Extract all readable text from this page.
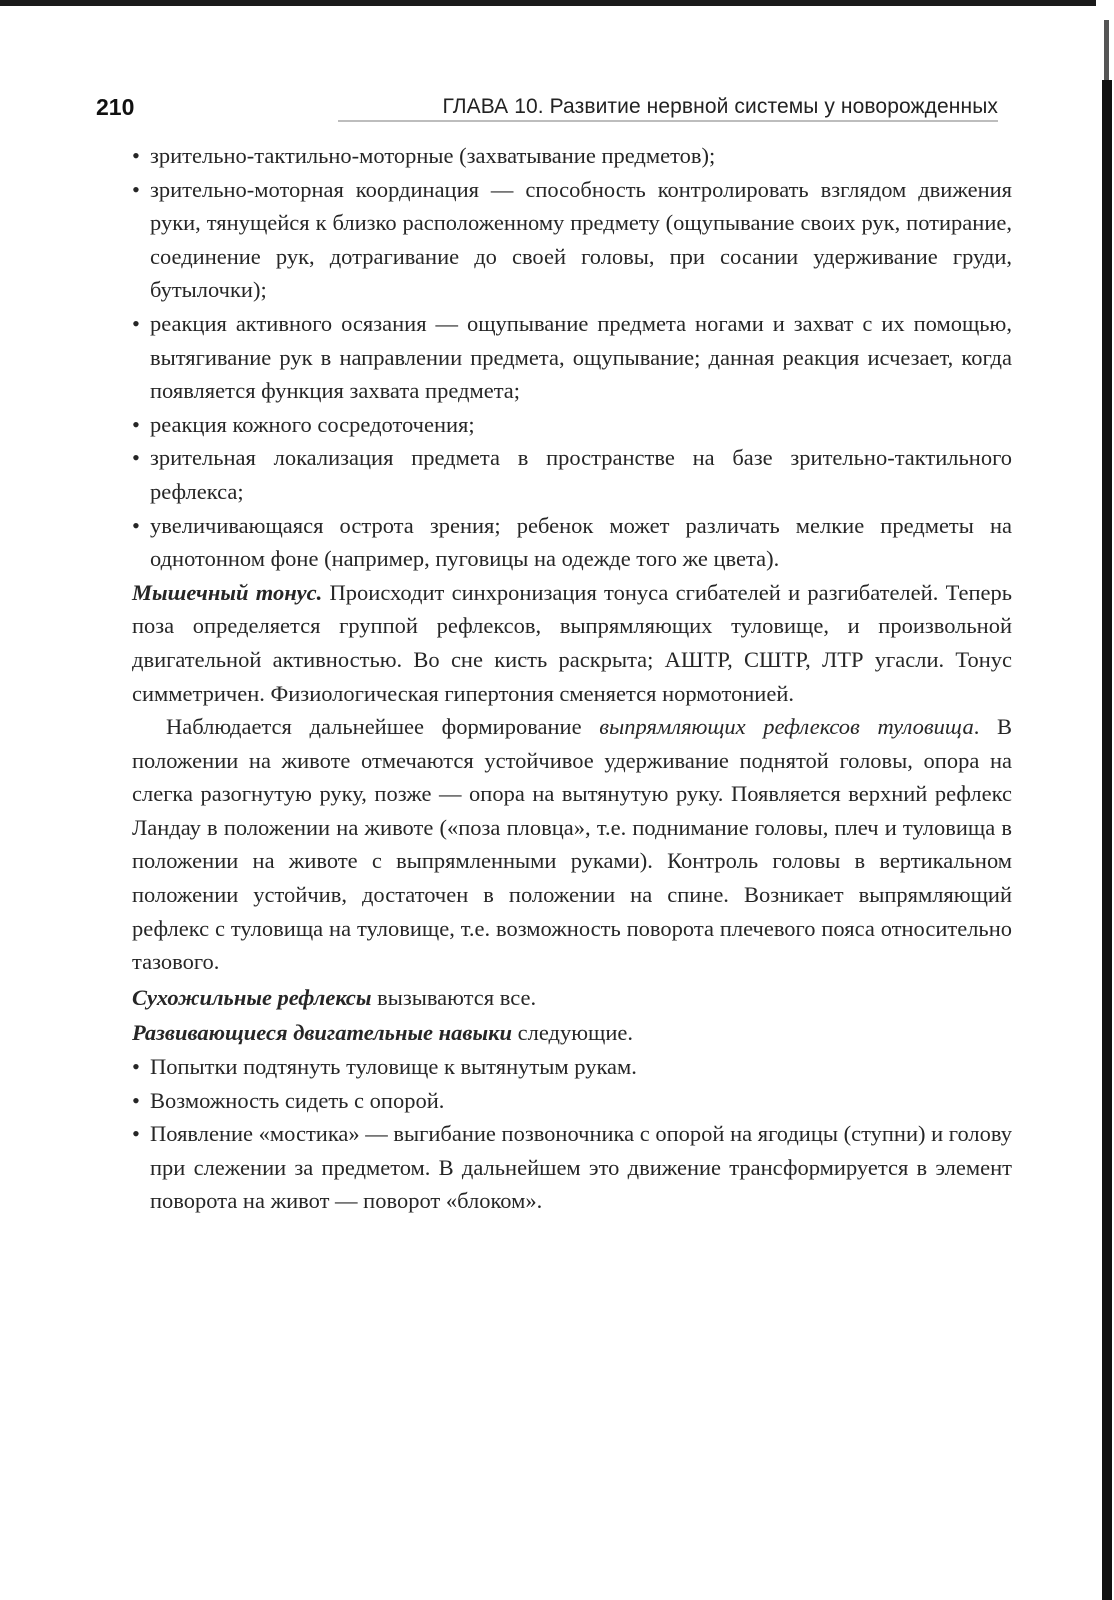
210	ГЛАВА 10. Развитие нервной системы у новорожденных
• зрительно-тактильно-моторные (захватывание предметов);
• зрительно-моторная координация — способность контролировать взглядом движения руки, тянущейся к близко расположенному предмету (ощупывание своих рук, потирание, соединение рук, дотрагивание до своей головы, при сосании удерживание груди, бутылочки);
• реакция активного осязания — ощупывание предмета ногами и захват с их помощью, вытягивание рук в направлении предмета, ощупывание; данная реакция исчезает, когда появляется функция захвата предмета;
• реакция кожного сосредоточения;
• зрительная локализация предмета в пространстве на базе зрительно-тактильного рефлекса;
• увеличивающаяся острота зрения; ребенок может различать мелкие предметы на однотонном фоне (например, пуговицы на одежде того же цвета).

Мышечный тонус. Происходит синхронизация тонуса сгибателей и разгибателей. Теперь поза определяется группой рефлексов, выпрямляющих туловище, и произвольной двигательной активностью. Во сне кисть раскрыта; АШТР, СШТР, ЛТР угасли. Тонус симметричен. Физиологическая гипертония сменяется нормотонией.

Наблюдается дальнейшее формирование выпрямляющих рефлексов туловища. В положении на животе отмечаются устойчивое удерживание поднятой головы, опора на слегка разогнутую руку, позже — опора на вытянутую руку. Появляется верхний рефлекс Ландау в положении на животе («поза пловца», т.е. поднимание головы, плеч и туловища в положении на животе с выпрямленными руками). Контроль головы в вертикальном положении устойчив, достаточен в положении на спине. Возникает выпрямляющий рефлекс с туловища на туловище, т.е. возможность поворота плечевого пояса относительно тазового.

Сухожильные рефлексы вызываются все.

Развивающиеся двигательные навыки следующие.

• Попытки подтянуть туловище к вытянутым рукам.
• Возможность сидеть с опорой.
• Появление «мостика» — выгибание позвоночника с опорой на ягодицы (ступни) и голову при слежении за предметом. В дальнейшем это движение трансформируется в элемент поворота на живот — поворот «блоком».
